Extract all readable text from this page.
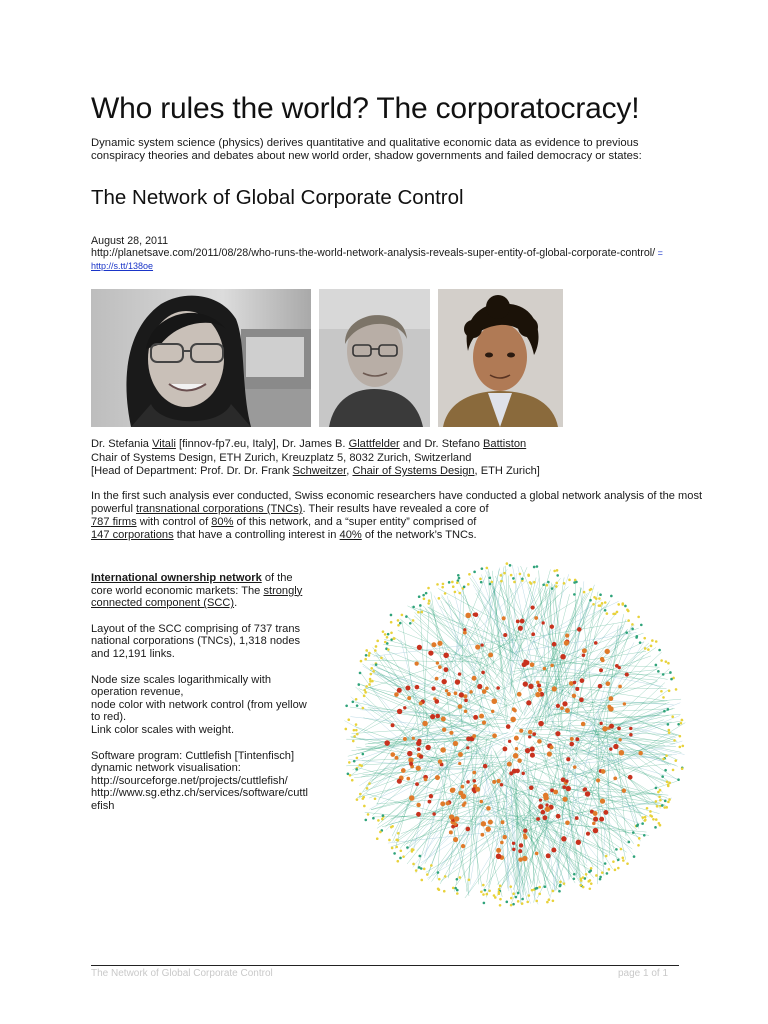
Who rules the world? The corporatocracy!
Dynamic system science (physics) derives quantitative and qualitative economic data as evidence to previous conspiracy theories and debates about new world order, shadow governments and failed democracy or states:
The Network of Global Corporate Control
August 28, 2011
http://planetsave.com/2011/08/28/who-runs-the-world-network-analysis-reveals-super-entity-of-global-corporate-control/ = http://s.tt/138oe
Dr. Stefania Vitali [finnov-fp7.eu, Italy], Dr. James B. Glattfelder and Dr. Stefano Battiston
Chair of Systems Design, ETH Zurich, Kreuzplatz 5, 8032 Zurich, Switzerland
[Head of Department: Prof. Dr. Dr. Frank Schweitzer, Chair of Systems Design, ETH Zurich]
In the first such analysis ever conducted, Swiss economic researchers have conducted a global network analysis of the most powerful transnational corporations (TNCs). Their results have revealed a core of
787 firms with control of 80% of this network, and a “super entity” comprised of
147 corporations that have a controlling interest in 40% of the network’s TNCs.

International ownership network of the core world economic markets: The strongly connected component (SCC).

Layout of the SCC comprising of 737 trans national corporations (TNCs), 1,318 nodes and 12,191 links.

Node size scales logarithmically with operation revenue,
node color with network control (from yellow to red).
Link color scales with weight.

Software program: Cuttlefish [Tintenfisch] dynamic network visualisation:
http://sourceforge.net/projects/cuttlefish/
http://www.sg.ethz.ch/services/software/cuttlefish

The Network of Global Corporate Control	page 1 of 1
